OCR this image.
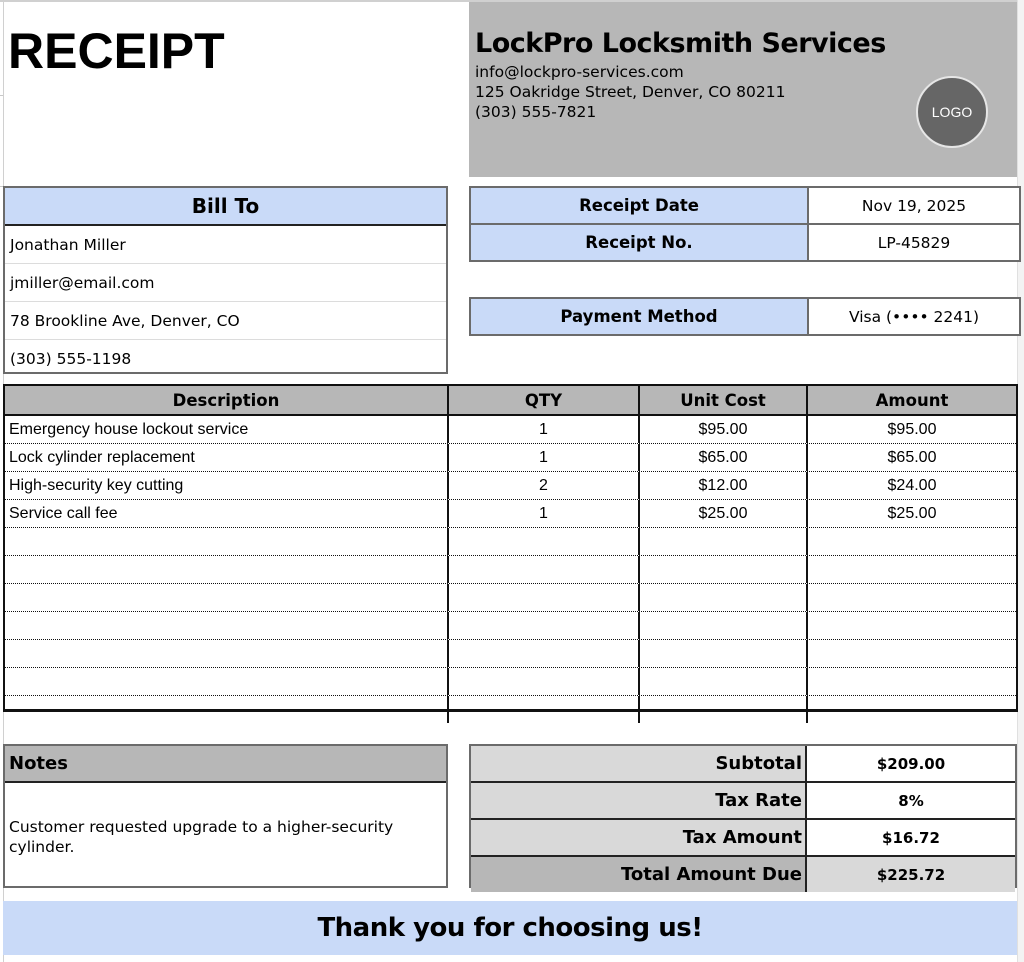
RECEIPT	LockPro Locksmith Services
info@lockpro-services.com
125 Oakridge Street, Denver, CO 80211
(303) 555-7821	LOGO
Bill To
Jonathan Miller
jmiller@email.com
78 Brookline Ave, Denver, CO
(303) 555-1198
Receipt Date	Nov 19, 2025
Receipt No.	LP-45829
Payment Method	Visa (•••• 2241)
Description	QTY	Unit Cost	Amount
Emergency house lockout service	1	$95.00	$95.00
Lock cylinder replacement	1	$65.00	$65.00
High-security key cutting	2	$12.00	$24.00
Service call fee	1	$25.00	$25.00
Notes
Customer requested upgrade to a higher-security cylinder.
Subtotal	$209.00
Tax Rate	8%
Tax Amount	$16.72
Total Amount Due	$225.72
Thank you for choosing us!
